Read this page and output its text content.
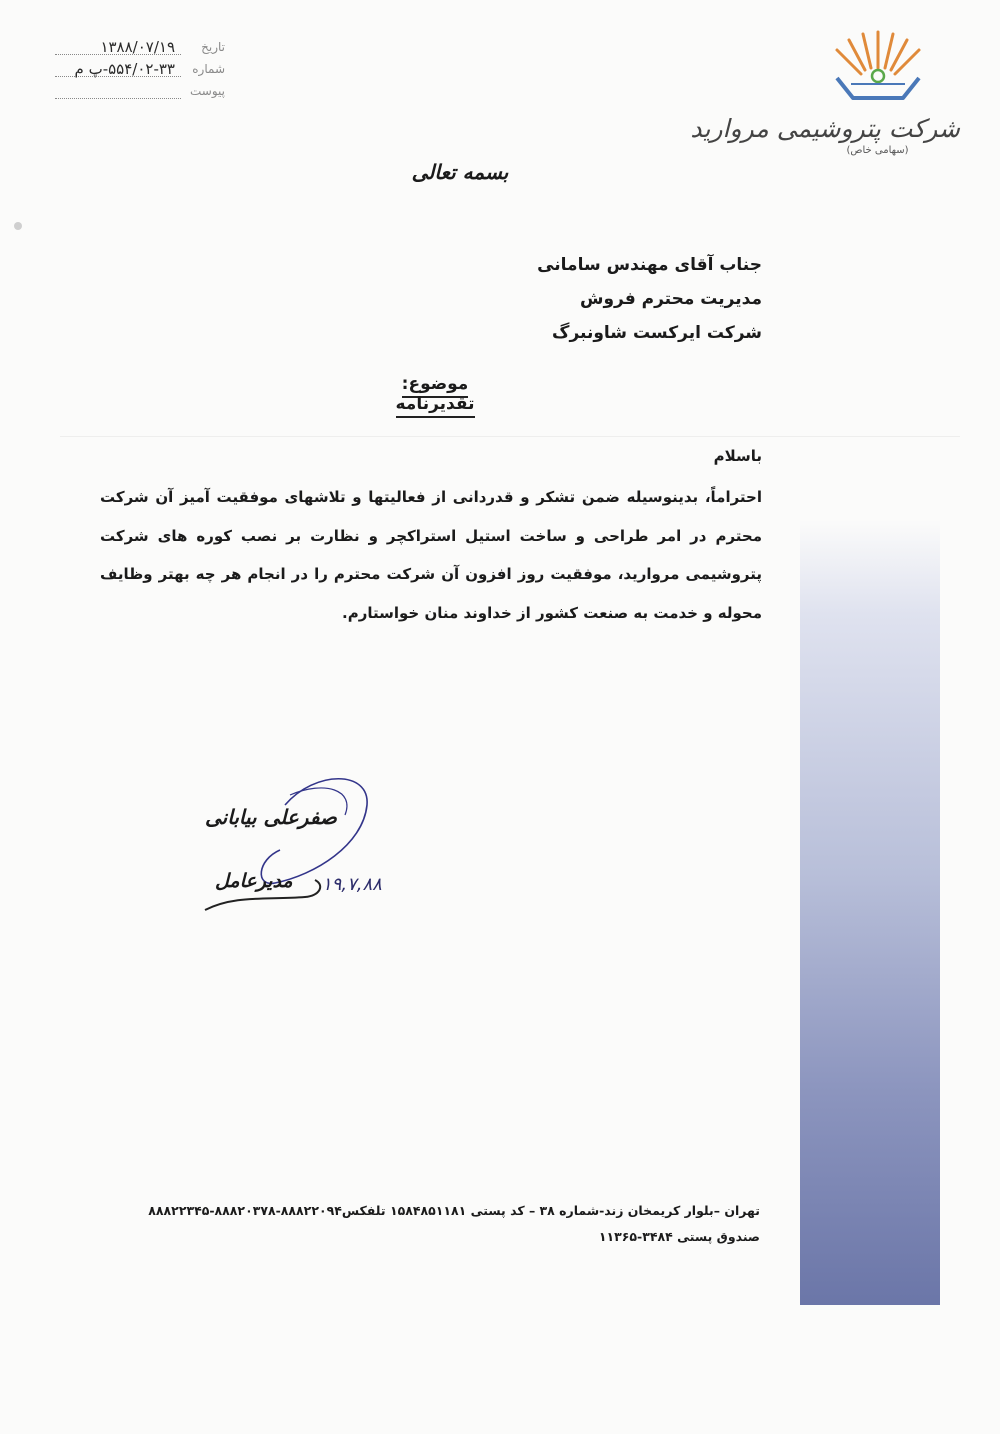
تاریخ
۱۳۸۸/۰۷/۱۹
شماره
۵۵۴/۰۲-۳۳-پ م
پیوست
شرکت پتروشیمی مروارید
(سهامی خاص)
بسمه تعالی
جناب آقای مهندس سامانی
مدیریت محترم فروش
شرکت ایرکست شاونبرگ
موضوع: تقدیرنامه
باسلام
احتراماً، بدینوسیله ضمن تشکر و قدردانی از فعالیتها و تلاشهای موفقیت آمیز آن شرکت محترم در امر طراحی و ساخت استیل استراکچر و نظارت بر نصب کوره های شرکت پتروشیمی مروارید، موفقیت روز افزون آن شرکت محترم را در انجام هر چه بهتر وظایف محوله و خدمت به صنعت کشور از خداوند منان خواستارم.
صفرعلی بیابانی
۱۹,۷,۸۸
مدیرعامل
تهران –بلوار کریمخان زند-شماره ۳۸ – کد پستی ۱۵۸۴۸۵۱۱۸۱ تلفکس۸۸۸۲۲۰۹۴-۸۸۸۲۰۳۷۸-۸۸۸۲۲۳۴۵
صندوق پستی ۳۴۸۴-۱۱۳۶۵
